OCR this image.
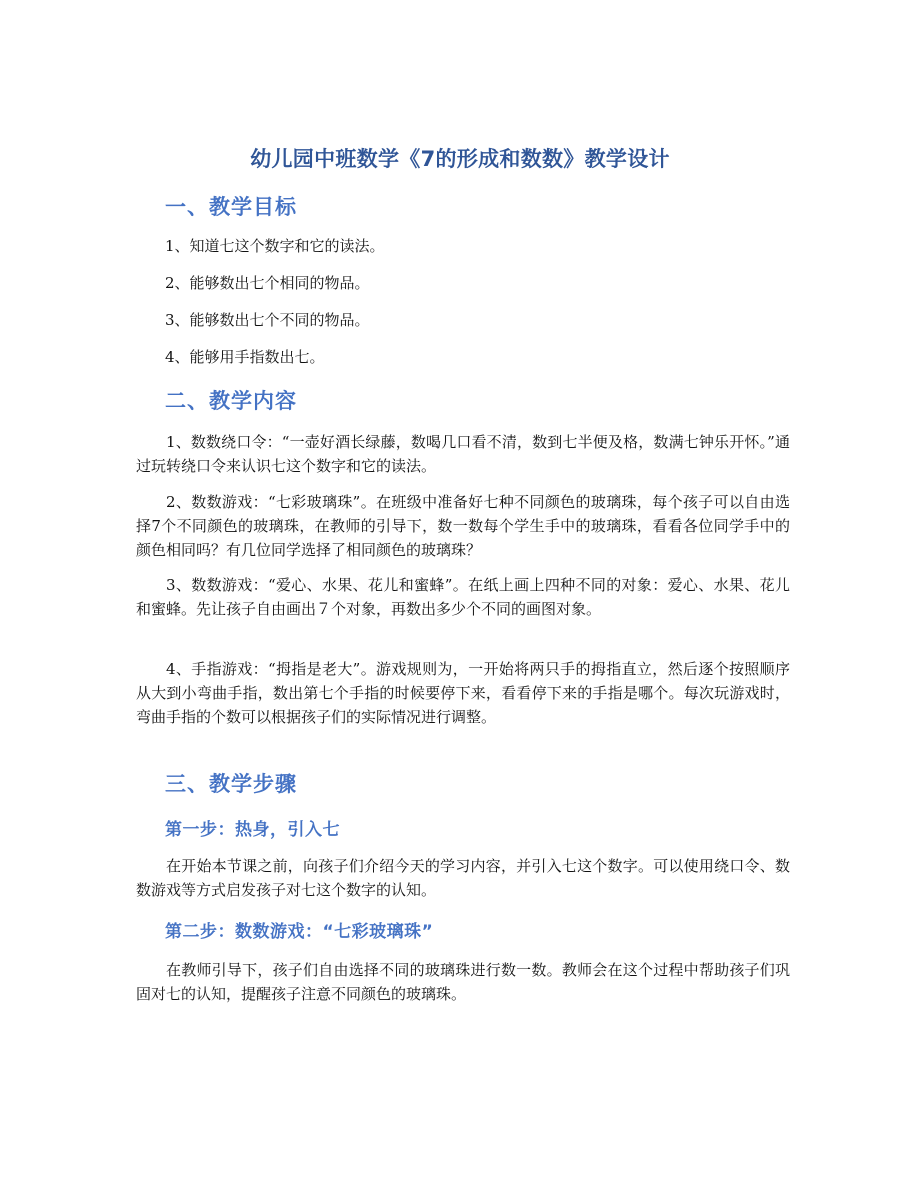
幼儿园中班数学《7的形成和数数》教学设计
一、教学目标
1、知道七这个数字和它的读法。
2、能够数出七个相同的物品。
3、能够数出七个不同的物品。
4、能够用手指数出七。
二、教学内容

1、数数绕口令：“一壶好酒长绿藤，数喝几口看不清，数到七半便及格，数满七钟乐开怀。”通过玩转绕口令来认识七这个数字和它的读法。

2、数数游戏：“七彩玻璃珠”。在班级中准备好七种不同颜色的玻璃珠，每个孩子可以自由选择7个不同颜色的玻璃珠，在教师的引导下，数一数每个学生手中的玻璃珠，看看各位同学手中的颜色相同吗？有几位同学选择了相同颜色的玻璃珠？

3、数数游戏：“爱心、水果、花儿和蜜蜂”。在纸上画上四种不同的对象：爱心、水果、花儿和蜜蜂。先让孩子自由画出７个对象，再数出多少个不同的画图对象。

4、手指游戏：“拇指是老大”。游戏规则为，一开始将两只手的拇指直立，然后逐个按照顺序从大到小弯曲手指，数出第七个手指的时候要停下来，看看停下来的手指是哪个。每次玩游戏时，弯曲手指的个数可以根据孩子们的实际情况进行调整。

三、教学步骤
第一步：热身，引入七

在开始本节课之前，向孩子们介绍今天的学习内容，并引入七这个数字。可以使用绕口令、数数游戏等方式启发孩子对七这个数字的认知。

第二步：数数游戏：“七彩玻璃珠”

在教师引导下，孩子们自由选择不同的玻璃珠进行数一数。教师会在这个过程中帮助孩子们巩固对七的认知，提醒孩子注意不同颜色的玻璃珠。
